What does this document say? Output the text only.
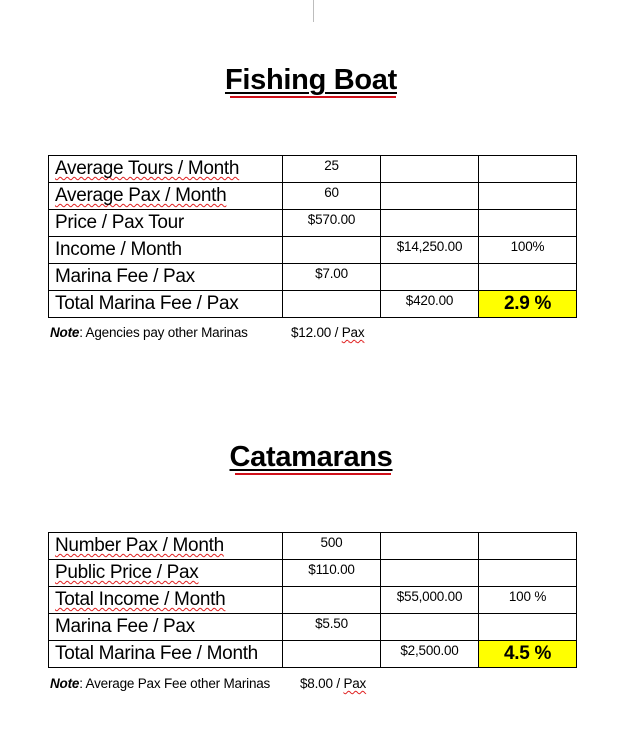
Fishing Boat
Average Tours / Month	25		
Average Pax / Month	60		
Price / Pax Tour	$570.00		
Income / Month		$14,250.00	100%
Marina Fee / Pax	$7.00		
Total Marina Fee / Pax		$420.00	2.9 %
Note: Agencies pay other Marinas	$12.00 / Pax
Catamarans
Number Pax / Month	500		
Public Price / Pax	$110.00		
Total Income / Month		$55,000.00	100 %
Marina Fee / Pax	$5.50		
Total Marina Fee / Month		$2,500.00	4.5 %
Note: Average Pax Fee other Marinas $8.00 / Pax
